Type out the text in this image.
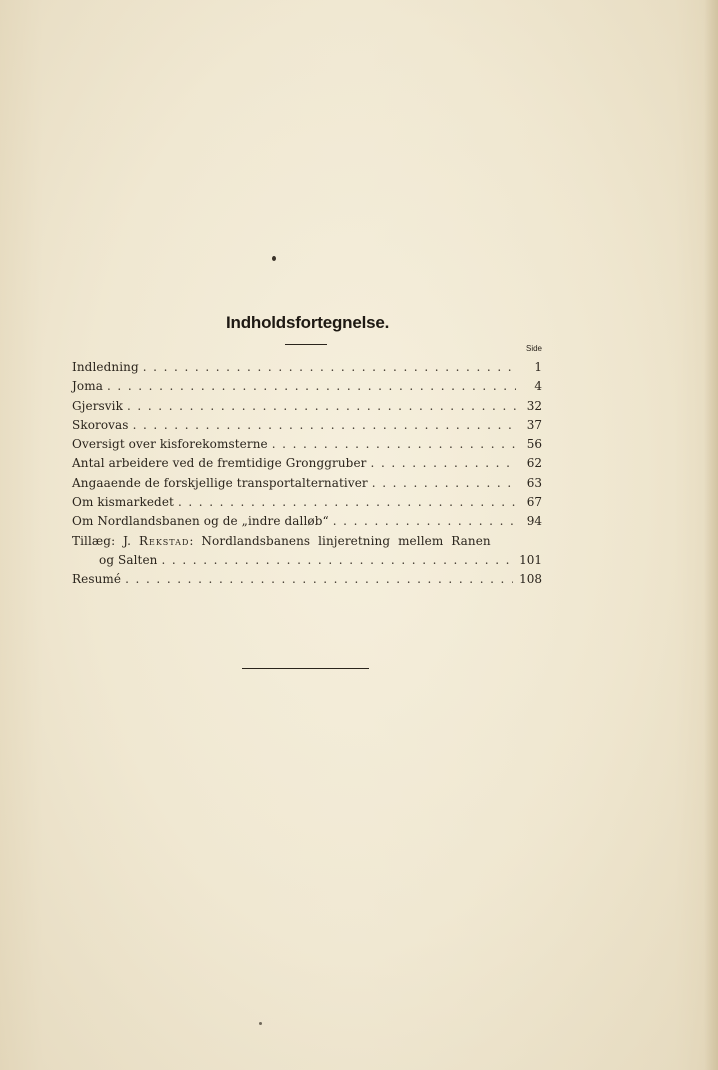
Indholdsfortegnelse.
Side
Indledning . . .	1
Joma . . .	4
Gjersvik . . .	32
Skorovas . . .	37
Oversigt over kisforekomsterne . . .	56
Antal arbeidere ved de fremtidige Gronggruber . . .	62
Angaaende de forskjellige transportalternativer . . .	63
Om kismarkedet . . .	67
Om Nordlandsbanen og de „indre dalløb“ . . .	94
Tillæg: J. Rekstad: Nordlandsbanens linjeretning mellem Ranen
og Salten . . .	101
Resumé . . .	108
